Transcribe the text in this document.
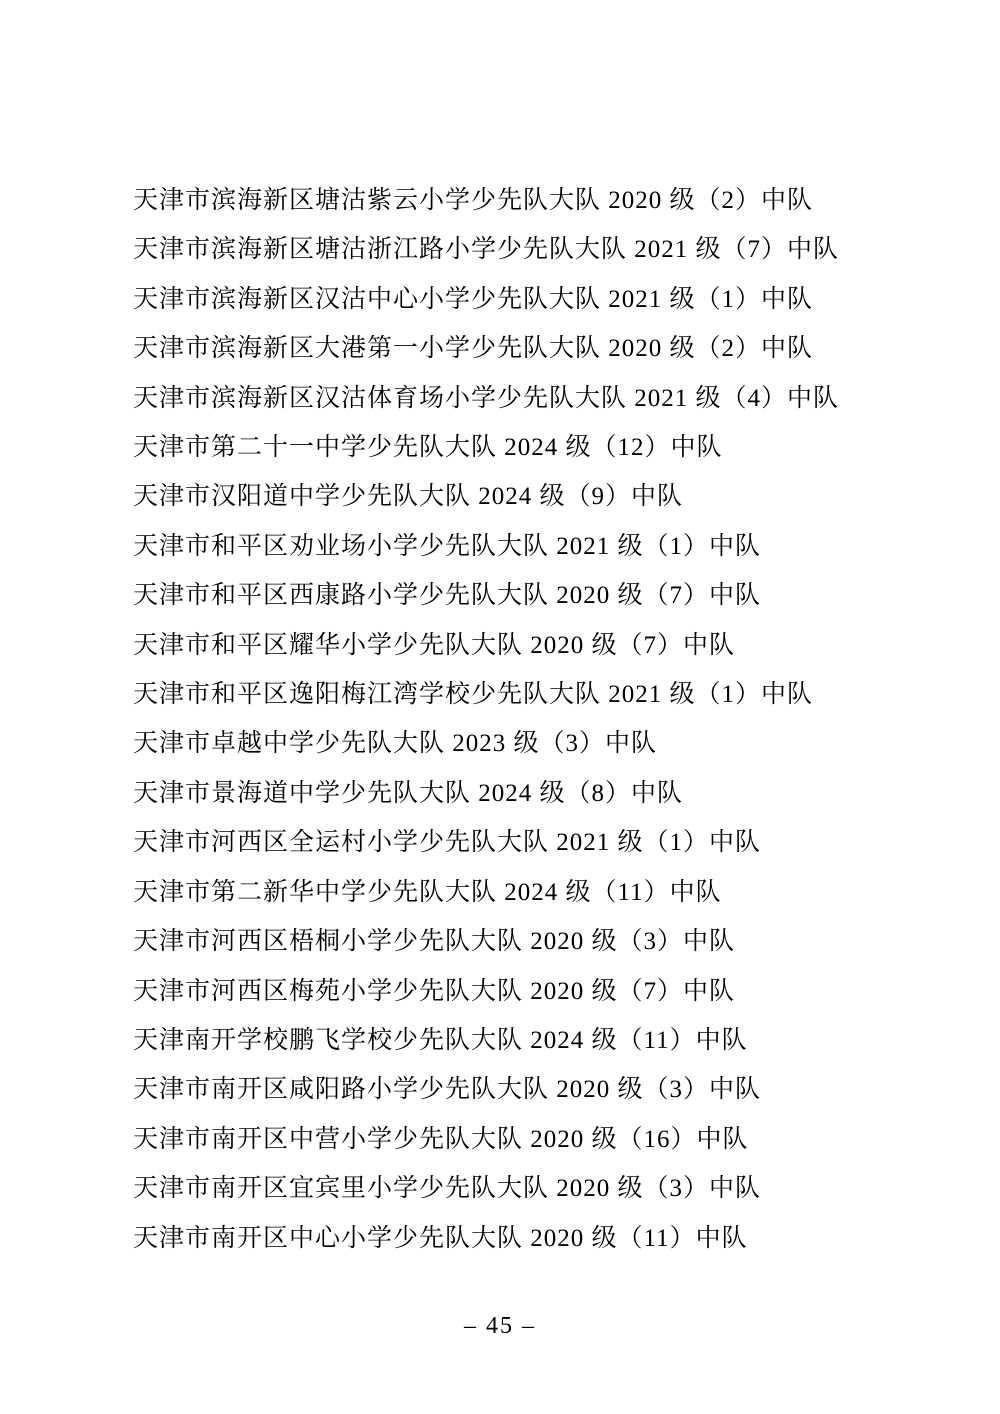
天津市滨海新区塘沽紫云小学少先队大队 2020 级（2）中队
天津市滨海新区塘沽浙江路小学少先队大队 2021 级（7）中队
天津市滨海新区汉沽中心小学少先队大队 2021 级（1）中队
天津市滨海新区大港第一小学少先队大队 2020 级（2）中队
天津市滨海新区汉沽体育场小学少先队大队 2021 级（4）中队
天津市第二十一中学少先队大队 2024 级（12）中队
天津市汉阳道中学少先队大队 2024 级（9）中队
天津市和平区劝业场小学少先队大队 2021 级（1）中队
天津市和平区西康路小学少先队大队 2020 级（7）中队
天津市和平区耀华小学少先队大队 2020 级（7）中队
天津市和平区逸阳梅江湾学校少先队大队 2021 级（1）中队
天津市卓越中学少先队大队 2023 级（3）中队
天津市景海道中学少先队大队 2024 级（8）中队
天津市河西区全运村小学少先队大队 2021 级（1）中队
天津市第二新华中学少先队大队 2024 级（11）中队
天津市河西区梧桐小学少先队大队 2020 级（3）中队
天津市河西区梅苑小学少先队大队 2020 级（7）中队
天津南开学校鹏飞学校少先队大队 2024 级（11）中队
天津市南开区咸阳路小学少先队大队 2020 级（3）中队
天津市南开区中营小学少先队大队 2020 级（16）中队
天津市南开区宜宾里小学少先队大队 2020 级（3）中队
天津市南开区中心小学少先队大队 2020 级（11）中队
– 45 –
